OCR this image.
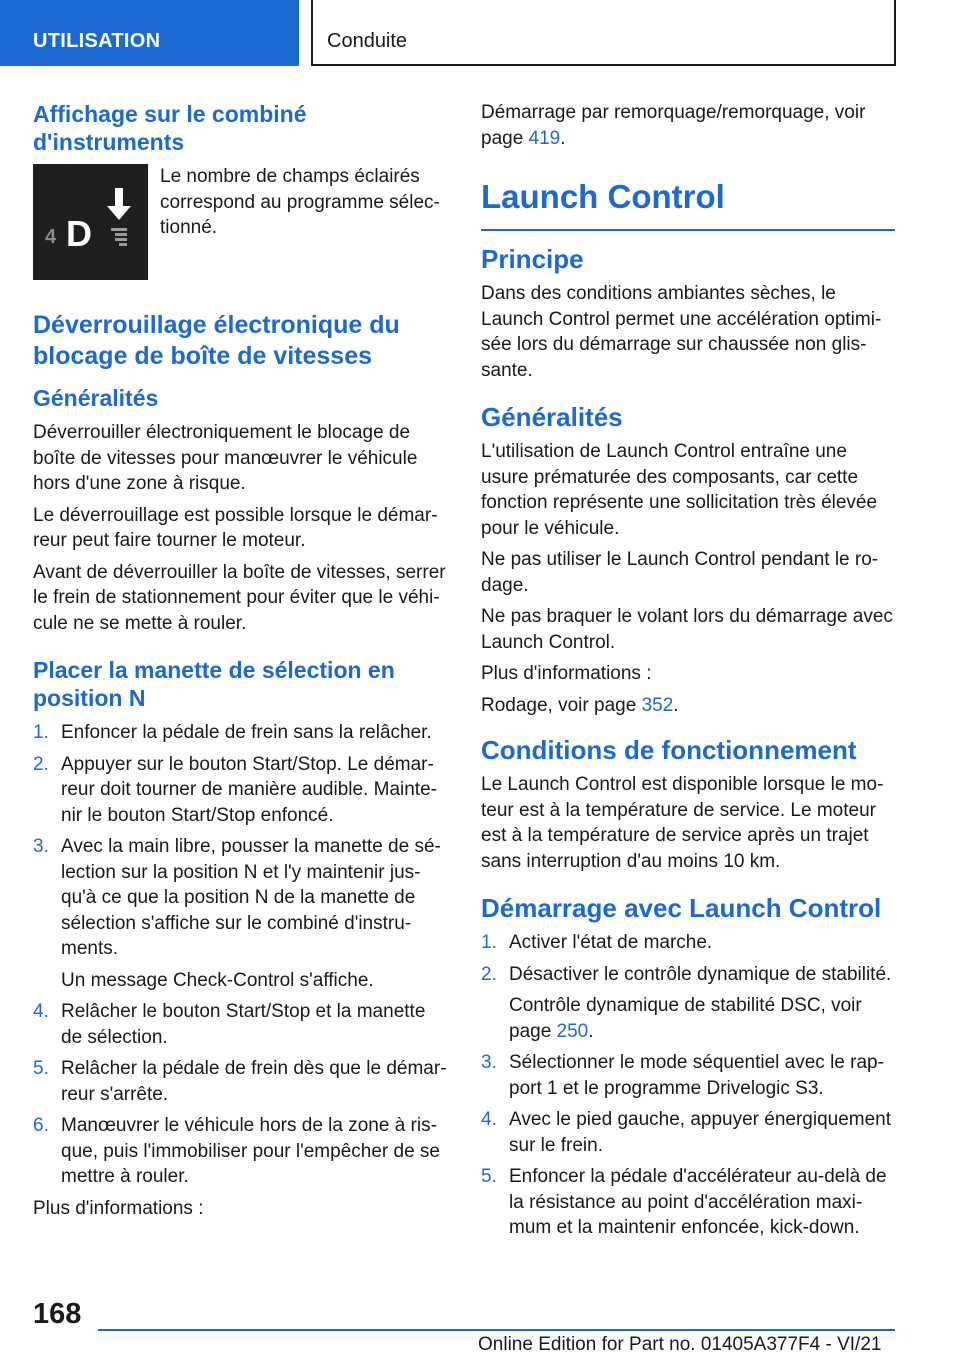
UTILISATION	Conduite
Affichage sur le combiné d'instruments
4 D
Le nombre de champs éclairés correspond au programme sélectionné.
Déverrouillage électronique du blocage de boîte de vitesses
Généralités

Déverrouiller électroniquement le blocage de boîte de vitesses pour manœuvrer le véhicule hors d'une zone à risque.

Le déverrouillage est possible lorsque le démarreur peut faire tourner le moteur.

Avant de déverrouiller la boîte de vitesses, serrer le frein de stationnement pour éviter que le véhicule ne se mette à rouler.

Placer la manette de sélection en position N
1. Enfoncer la pédale de frein sans la relâcher.
2. Appuyer sur le bouton Start/Stop. Le démarreur doit tourner de manière audible. Maintenir le bouton Start/Stop enfoncé.
3. Avec la main libre, pousser la manette de sélection sur la position N et l'y maintenir jusqu'à ce que la position N de la manette de sélection s'affiche sur le combiné d'instruments.
Un message Check-Control s'affiche.
4. Relâcher le bouton Start/Stop et la manette de sélection.
5. Relâcher la pédale de frein dès que le démarreur s'arrête.
6. Manœuvrer le véhicule hors de la zone à risque, puis l'immobiliser pour l'empêcher de se mettre à rouler.

Plus d'informations :

Démarrage par remorquage/remorquage, voir page 419.

Launch Control
Principe

Dans des conditions ambiantes sèches, le Launch Control permet une accélération optimisée lors du démarrage sur chaussée non glissante.

Généralités

L'utilisation de Launch Control entraîne une usure prématurée des composants, car cette fonction représente une sollicitation très élevée pour le véhicule.

Ne pas utiliser le Launch Control pendant le rodage.

Ne pas braquer le volant lors du démarrage avec Launch Control.

Plus d'informations :

Rodage, voir page 352.

Conditions de fonctionnement

Le Launch Control est disponible lorsque le moteur est à la température de service. Le moteur est à la température de service après un trajet sans interruption d'au moins 10 km.

Démarrage avec Launch Control
1. Activer l'état de marche.
2. Désactiver le contrôle dynamique de stabilité.
Contrôle dynamique de stabilité DSC, voir page 250.
3. Sélectionner le mode séquentiel avec le rapport 1 et le programme Drivelogic S3.
4. Avec le pied gauche, appuyer énergiquement sur le frein.
5. Enfoncer la pédale d'accélérateur au-delà de la résistance au point d'accélération maximum et la maintenir enfoncée, kick-down.
168
Online Edition for Part no. 01405A377F4 - VI/21
